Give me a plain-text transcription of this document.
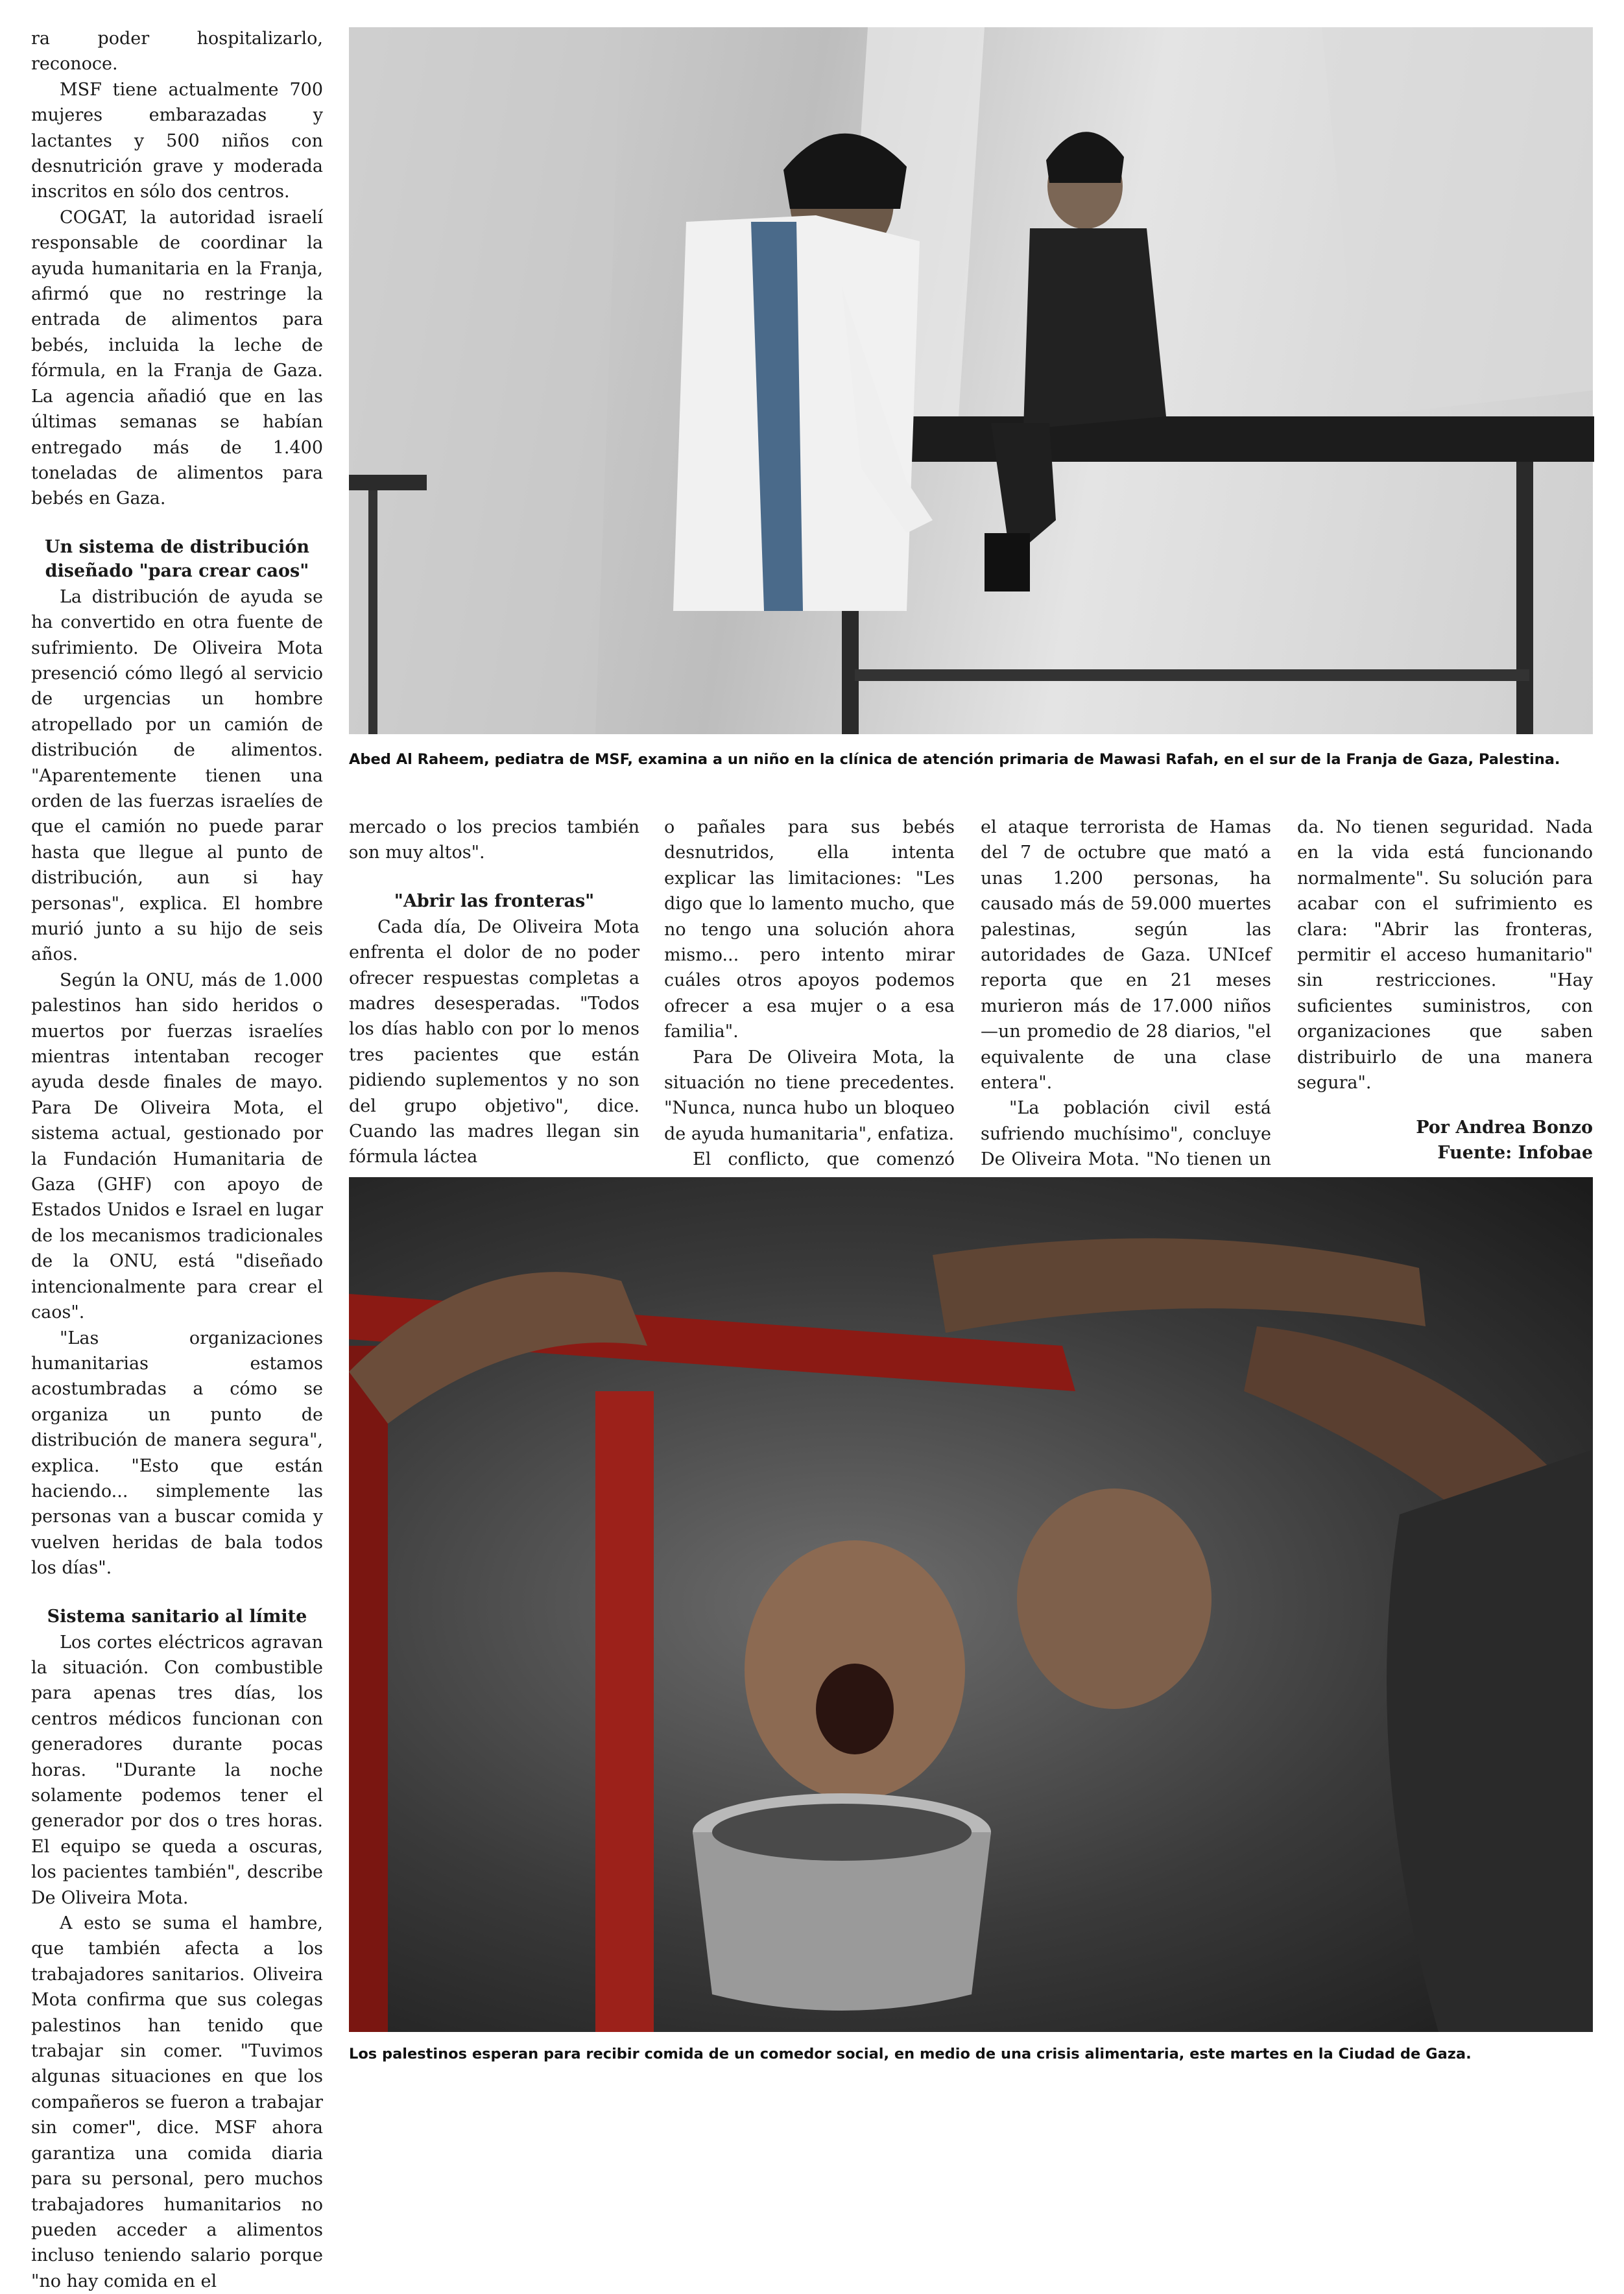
ra poder hospitalizarlo, reconoce.

MSF tiene actualmente 700 mujeres embarazadas y lactantes y 500 niños con desnutrición grave y moderada inscritos en sólo dos centros.

COGAT, la autoridad israelí responsable de coordinar la ayuda humanitaria en la Franja, afirmó que no restringe la entrada de alimentos para bebés, incluida la leche de fórmula, en la Franja de Gaza. La agencia añadió que en las últimas semanas se habían entregado más de 1.400 toneladas de alimentos para bebés en Gaza.

Un sistema de distribución diseñado "para crear caos"

La distribución de ayuda se ha convertido en otra fuente de sufrimiento. De Oliveira Mota presenció cómo llegó al servicio de urgencias un hombre atropellado por un camión de distribución de alimentos. "Aparentemente tienen una orden de las fuerzas israelíes de que el camión no puede parar hasta que llegue al punto de distribución, aun si hay personas", explica. El hombre murió junto a su hijo de seis años.

Según la ONU, más de 1.000 palestinos han sido heridos o muertos por fuerzas israelíes mientras intentaban recoger ayuda desde finales de mayo. Para De Oliveira Mota, el sistema actual, gestionado por la Fundación Humanitaria de Gaza (GHF) con apoyo de Estados Unidos e Israel en lugar de los mecanismos tradicionales de la ONU, está "diseñado intencionalmente para crear el caos".

"Las organizaciones humanitarias estamos acostumbradas a cómo se organiza un punto de distribución de manera segura", explica. "Esto que están haciendo... simplemente las personas van a buscar comida y vuelven heridas de bala todos los días".

Sistema sanitario al límite

Los cortes eléctricos agravan la situación. Con combustible para apenas tres días, los centros médicos funcionan con generadores durante pocas horas. "Durante la noche solamente podemos tener el generador por dos o tres horas. El equipo se queda a oscuras, los pacientes también", describe De Oliveira Mota.

A esto se suma el hambre, que también afecta a los trabajadores sanitarios. Oliveira Mota confirma que sus colegas palestinos han tenido que trabajar sin comer. "Tuvimos algunas situaciones en que los compañeros se fueron a trabajar sin comer", dice. MSF ahora garantiza una comida diaria para su personal, pero muchos trabajadores humanitarios no pueden acceder a alimentos incluso teniendo salario porque "no hay comida en el

Abed Al Raheem, pediatra de MSF, examina a un niño en la clínica de atención primaria de Mawasi Rafah, en el sur de la Franja de Gaza, Palestina.

mercado o los precios también son muy altos".

"Abrir las fronteras"

Cada día, De Oliveira Mota enfrenta el dolor de no poder ofrecer respuestas completas a madres desesperadas. "Todos los días hablo con por lo menos tres pacientes que están pidiendo suplementos y no son del grupo objetivo", dice. Cuando las madres llegan sin fórmula láctea

o pañales para sus bebés desnutridos, ella intenta explicar las limitaciones: "Les digo que lo lamento mucho, que no tengo una solución ahora mismo... pero intento mirar cuáles otros apoyos podemos ofrecer a esa mujer o a esa familia".

Para De Oliveira Mota, la situación no tiene precedentes. "Nunca, nunca hubo un bloqueo de ayuda humanitaria", enfatiza.

El conflicto, que comenzó

el ataque terrorista de Hamas del 7 de octubre que mató a unas 1.200 personas, ha causado más de 59.000 muertes palestinas, según las autoridades de Gaza. UNIcef reporta que en 21 meses murieron más de 17.000 niños —un promedio de 28 diarios, "el equivalente de una clase entera".

"La población civil está sufriendo muchísimo", concluye De Oliveira Mota. "No tienen un

da. No tienen seguridad. Nada en la vida está funcionando normalmente". Su solución para acabar con el sufrimiento es clara: "Abrir las fronteras, permitir el acceso humanitario" sin restricciones. "Hay suficientes suministros, con organizaciones que saben distribuirlo de una manera segura".

Por Andrea Bonzo
Fuente: Infobae
Los palestinos esperan para recibir comida de un comedor social, en medio de una crisis alimentaria, este martes en la Ciudad de Gaza.
